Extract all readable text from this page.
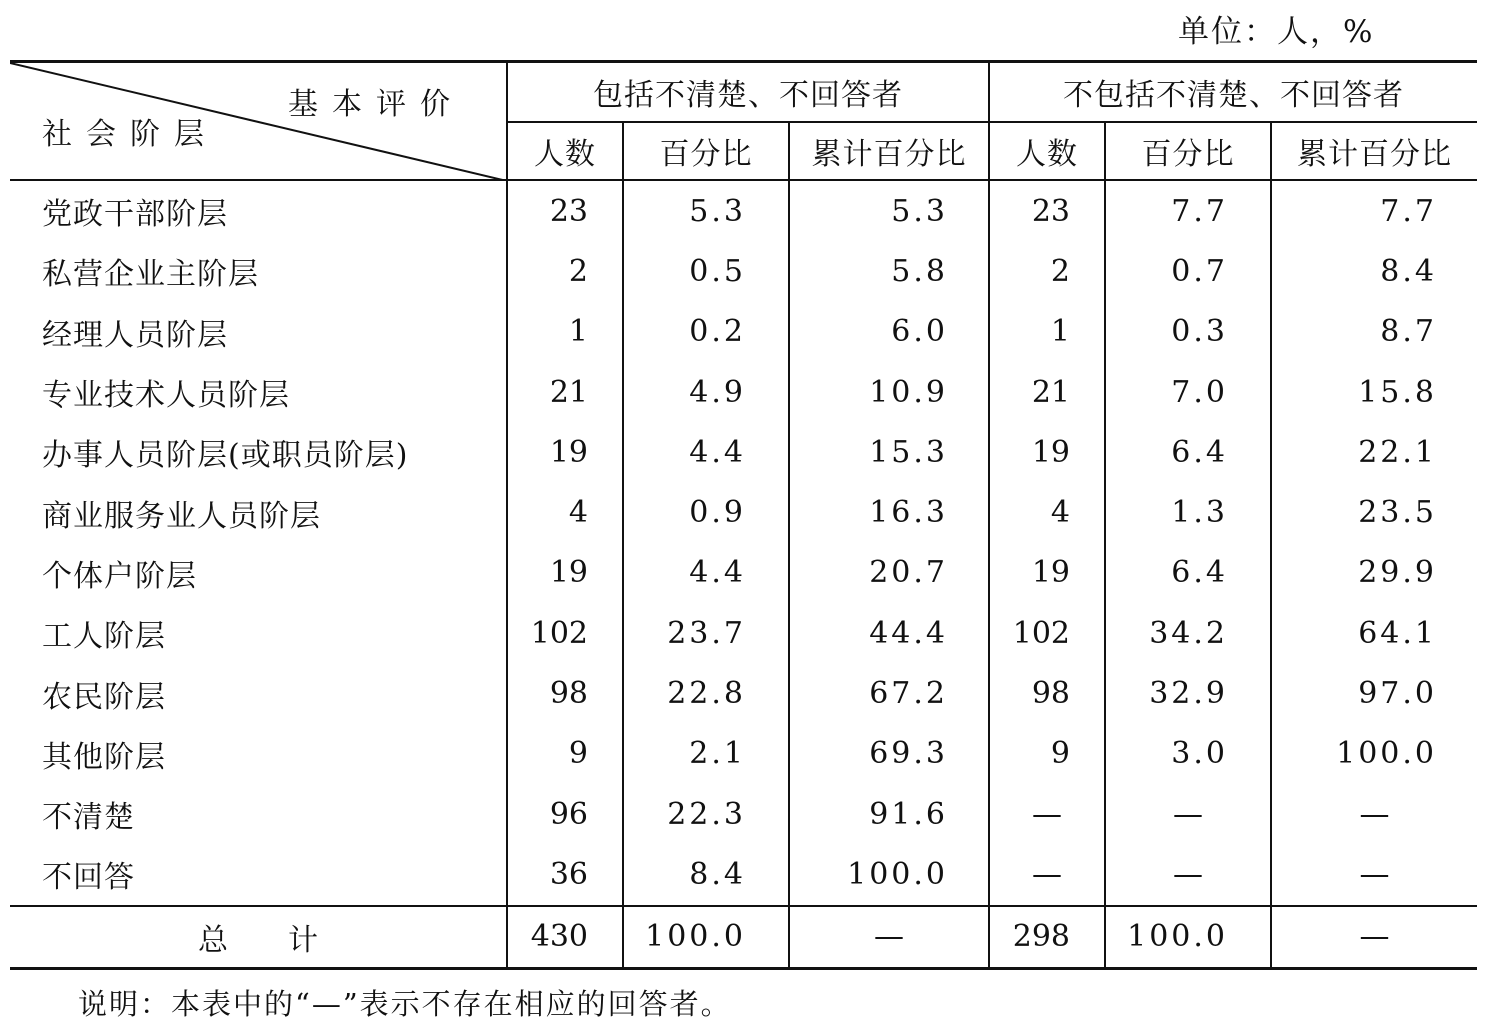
单位：人，%
基本评价
社会阶层	包括不清楚、不回答者			不包括不清楚、不回答者		
	人数	百分比	累计百分比	人数	百分比	累计百分比
党政干部阶层	23	5.3	5.3	23	7.7	7.7
私营企业主阶层	2	0.5	5.8	2	0.7	8.4
经理人员阶层	1	0.2	6.0	1	0.3	8.7
专业技术人员阶层	21	4.9	10.9	21	7.0	15.8
办事人员阶层(或职员阶层)	19	4.4	15.3	19	6.4	22.1
商业服务业人员阶层	4	0.9	16.3	4	1.3	23.5
个体户阶层	19	4.4	20.7	19	6.4	29.9
工人阶层	102	23.7	44.4	102	34.2	64.1
农民阶层	98	22.8	67.2	98	32.9	97.0
其他阶层	9	2.1	69.3	9	3.0	100.0
不清楚	96	22.3	91.6	—	—	—
不回答	36	8.4	100.0	—	—	—
总计	430	100.0	—	298	100.0	—
说明：本表中的“—”表示不存在相应的回答者。
